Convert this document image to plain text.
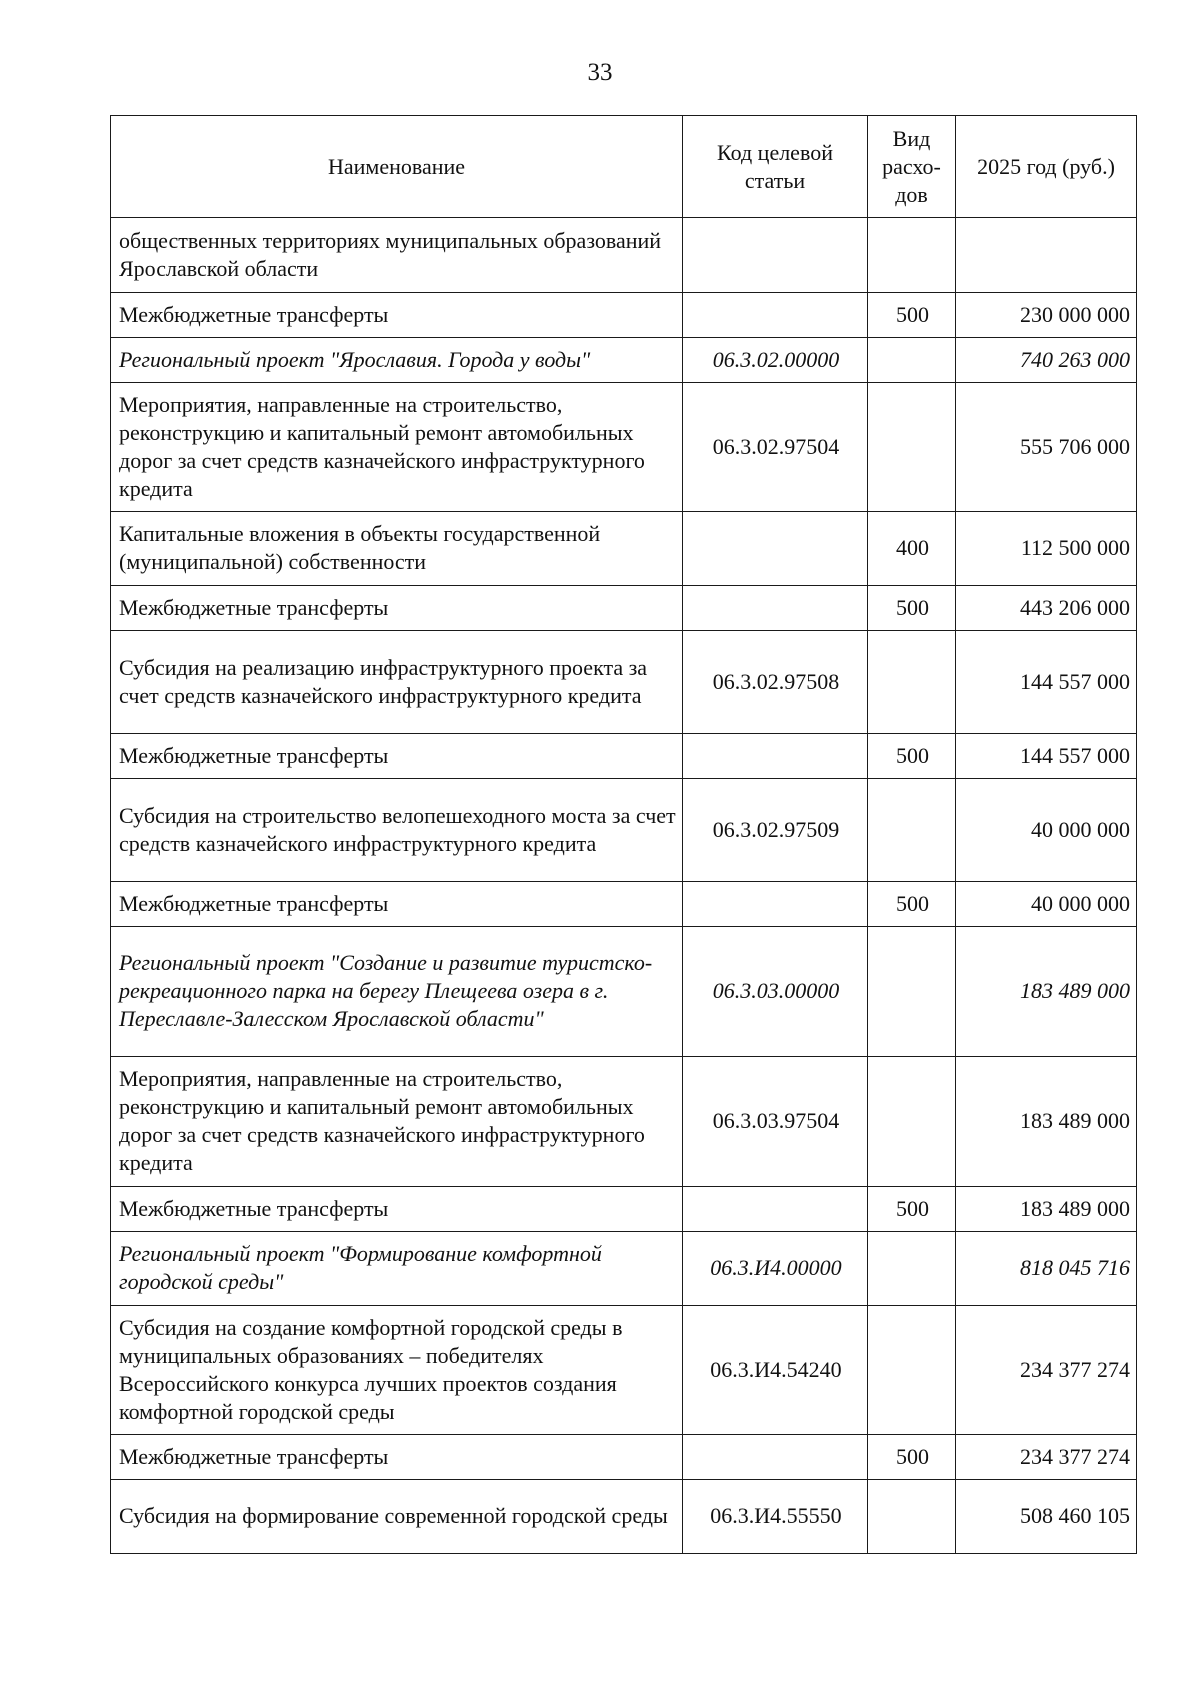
33
Наименование	Код целевой статьи	Вид расхо-дов	2025 год (руб.)
общественных территориях муниципальных образований Ярославской области			
Межбюджетные трансферты		500	230 000 000
Региональный проект "Ярославия. Города у воды"	06.3.02.00000		740 263 000
Мероприятия, направленные на строительство, реконструкцию и капитальный ремонт автомобильных дорог за счет средств казначейского инфраструктурного кредита	06.3.02.97504		555 706 000
Капитальные вложения в объекты государственной (муниципальной) собственности		400	112 500 000
Межбюджетные трансферты		500	443 206 000
Субсидия на реализацию инфраструктурного проекта за счет средств казначейского инфраструктурного кредита	06.3.02.97508		144 557 000
Межбюджетные трансферты		500	144 557 000
Субсидия на строительство велопешеходного моста за счет средств казначейского инфраструктурного кредита	06.3.02.97509		40 000 000
Межбюджетные трансферты		500	40 000 000
Региональный проект "Создание и развитие туристско-рекреационного парка на берегу Плещеева озера в г. Переславле-Залесском Ярославской области"	06.3.03.00000		183 489 000
Мероприятия, направленные на строительство, реконструкцию и капитальный ремонт автомобильных дорог за счет средств казначейского инфраструктурного кредита	06.3.03.97504		183 489 000
Межбюджетные трансферты		500	183 489 000
Региональный проект "Формирование комфортной городской среды"	06.3.И4.00000		818 045 716
Субсидия на создание комфортной городской среды в муниципальных образованиях – победителях Всероссийского конкурса лучших проектов создания комфортной городской среды	06.3.И4.54240		234 377 274
Межбюджетные трансферты		500	234 377 274
Субсидия на формирование современной городской среды	06.3.И4.55550		508 460 105
